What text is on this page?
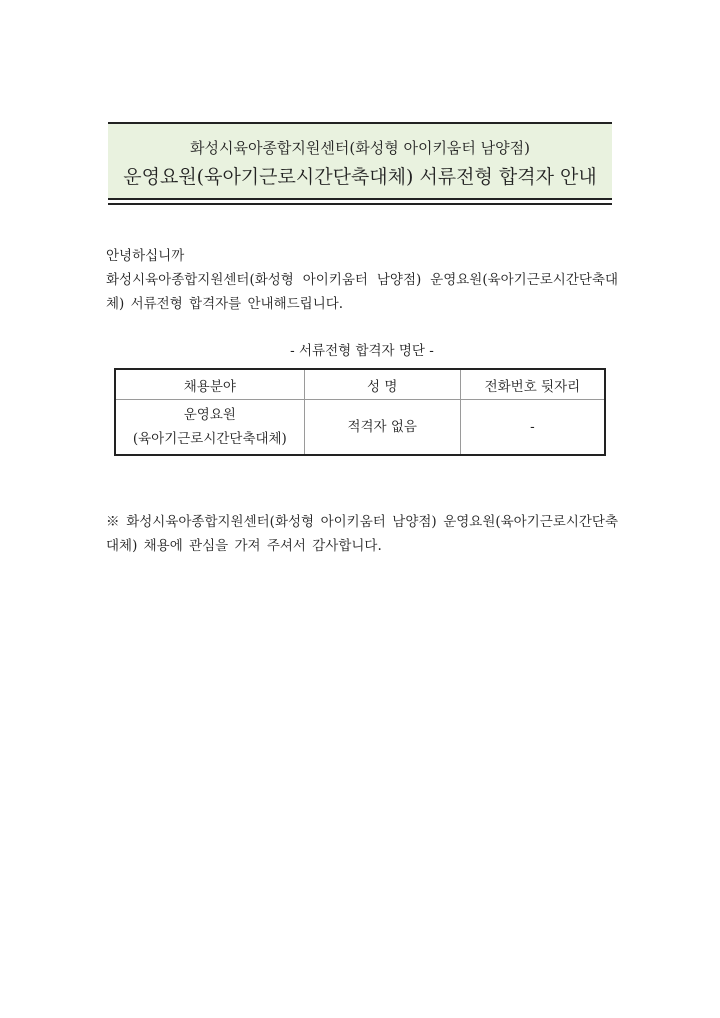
화성시육아종합지원센터(화성형 아이키움터 남양점)
운영요원(육아기근로시간단축대체) 서류전형 합격자 안내
안녕하십니까
화성시육아종합지원센터(화성형 아이키움터 남양점) 운영요원(육아기근로시간단축대체) 서류전형 합격자를 안내해드립니다.
- 서류전형 합격자 명단 -
채용분야	성 명	전화번호 뒷자리

운영요원
(육아기근로시간단축대체)	적격자 없음	-
※ 화성시육아종합지원센터(화성형 아이키움터 남양점) 운영요원(육아기근로시간단축대체) 채용에 관심을 가져 주셔서 감사합니다.
